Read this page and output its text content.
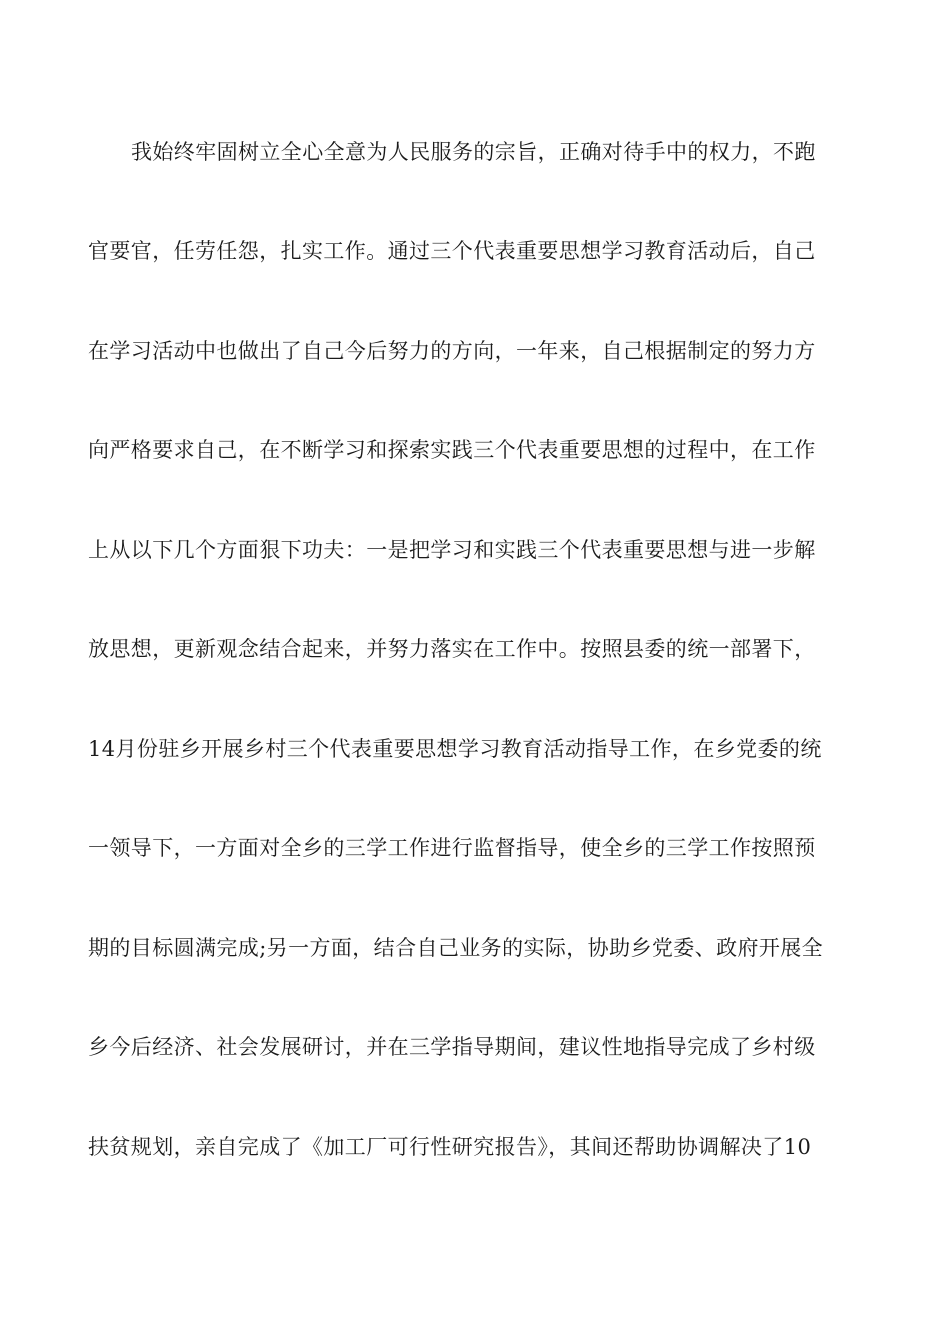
我始终牢固树立全心全意为人民服务的宗旨，正确对待手中的权力，不跑
官要官，任劳任怨，扎实工作。通过三个代表重要思想学习教育活动后，自己
在学习活动中也做出了自己今后努力的方向，一年来，自己根据制定的努力方
向严格要求自己，在不断学习和探索实践三个代表重要思想的过程中，在工作
上从以下几个方面狠下功夫：一是把学习和实践三个代表重要思想与进一步解
放思想，更新观念结合起来，并努力落实在工作中。按照县委的统一部署下，
14月份驻乡开展乡村三个代表重要思想学习教育活动指导工作，在乡党委的统
一领导下，一方面对全乡的三学工作进行监督指导，使全乡的三学工作按照预
期的目标圆满完成;另一方面，结合自己业务的实际，协助乡党委、政府开展全
乡今后经济、社会发展研讨，并在三学指导期间，建议性地指导完成了乡村级
扶贫规划，亲自完成了《加工厂可行性研究报告》，其间还帮助协调解决了10
